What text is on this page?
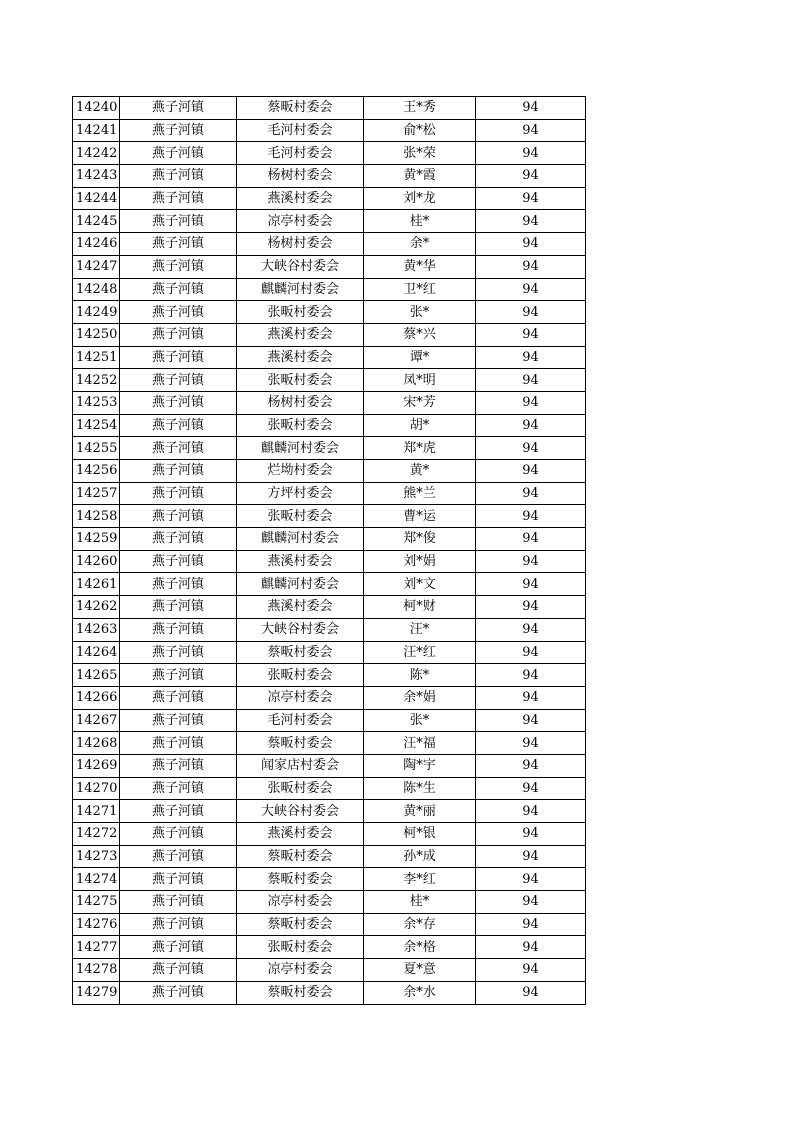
14240	燕子河镇	蔡畈村委会	王*秀	94
14241	燕子河镇	毛河村委会	俞*松	94
14242	燕子河镇	毛河村委会	张*荣	94
14243	燕子河镇	杨树村委会	黄*霞	94
14244	燕子河镇	燕溪村委会	刘*龙	94
14245	燕子河镇	凉亭村委会	桂*	94
14246	燕子河镇	杨树村委会	余*	94
14247	燕子河镇	大峡谷村委会	黄*华	94
14248	燕子河镇	麒麟河村委会	卫*红	94
14249	燕子河镇	张畈村委会	张*	94
14250	燕子河镇	燕溪村委会	蔡*兴	94
14251	燕子河镇	燕溪村委会	谭*	94
14252	燕子河镇	张畈村委会	凤*明	94
14253	燕子河镇	杨树村委会	宋*芳	94
14254	燕子河镇	张畈村委会	胡*	94
14255	燕子河镇	麒麟河村委会	郑*虎	94
14256	燕子河镇	烂坳村委会	黄*	94
14257	燕子河镇	方坪村委会	熊*兰	94
14258	燕子河镇	张畈村委会	曹*运	94
14259	燕子河镇	麒麟河村委会	郑*俊	94
14260	燕子河镇	燕溪村委会	刘*娟	94
14261	燕子河镇	麒麟河村委会	刘*文	94
14262	燕子河镇	燕溪村委会	柯*财	94
14263	燕子河镇	大峡谷村委会	汪*	94
14264	燕子河镇	蔡畈村委会	汪*红	94
14265	燕子河镇	张畈村委会	陈*	94
14266	燕子河镇	凉亭村委会	余*娟	94
14267	燕子河镇	毛河村委会	张*	94
14268	燕子河镇	蔡畈村委会	汪*福	94
14269	燕子河镇	闻家店村委会	陶*宇	94
14270	燕子河镇	张畈村委会	陈*生	94
14271	燕子河镇	大峡谷村委会	黄*丽	94
14272	燕子河镇	燕溪村委会	柯*银	94
14273	燕子河镇	蔡畈村委会	孙*成	94
14274	燕子河镇	蔡畈村委会	李*红	94
14275	燕子河镇	凉亭村委会	桂*	94
14276	燕子河镇	蔡畈村委会	余*存	94
14277	燕子河镇	张畈村委会	余*格	94
14278	燕子河镇	凉亭村委会	夏*意	94
14279	燕子河镇	蔡畈村委会	余*水	94
